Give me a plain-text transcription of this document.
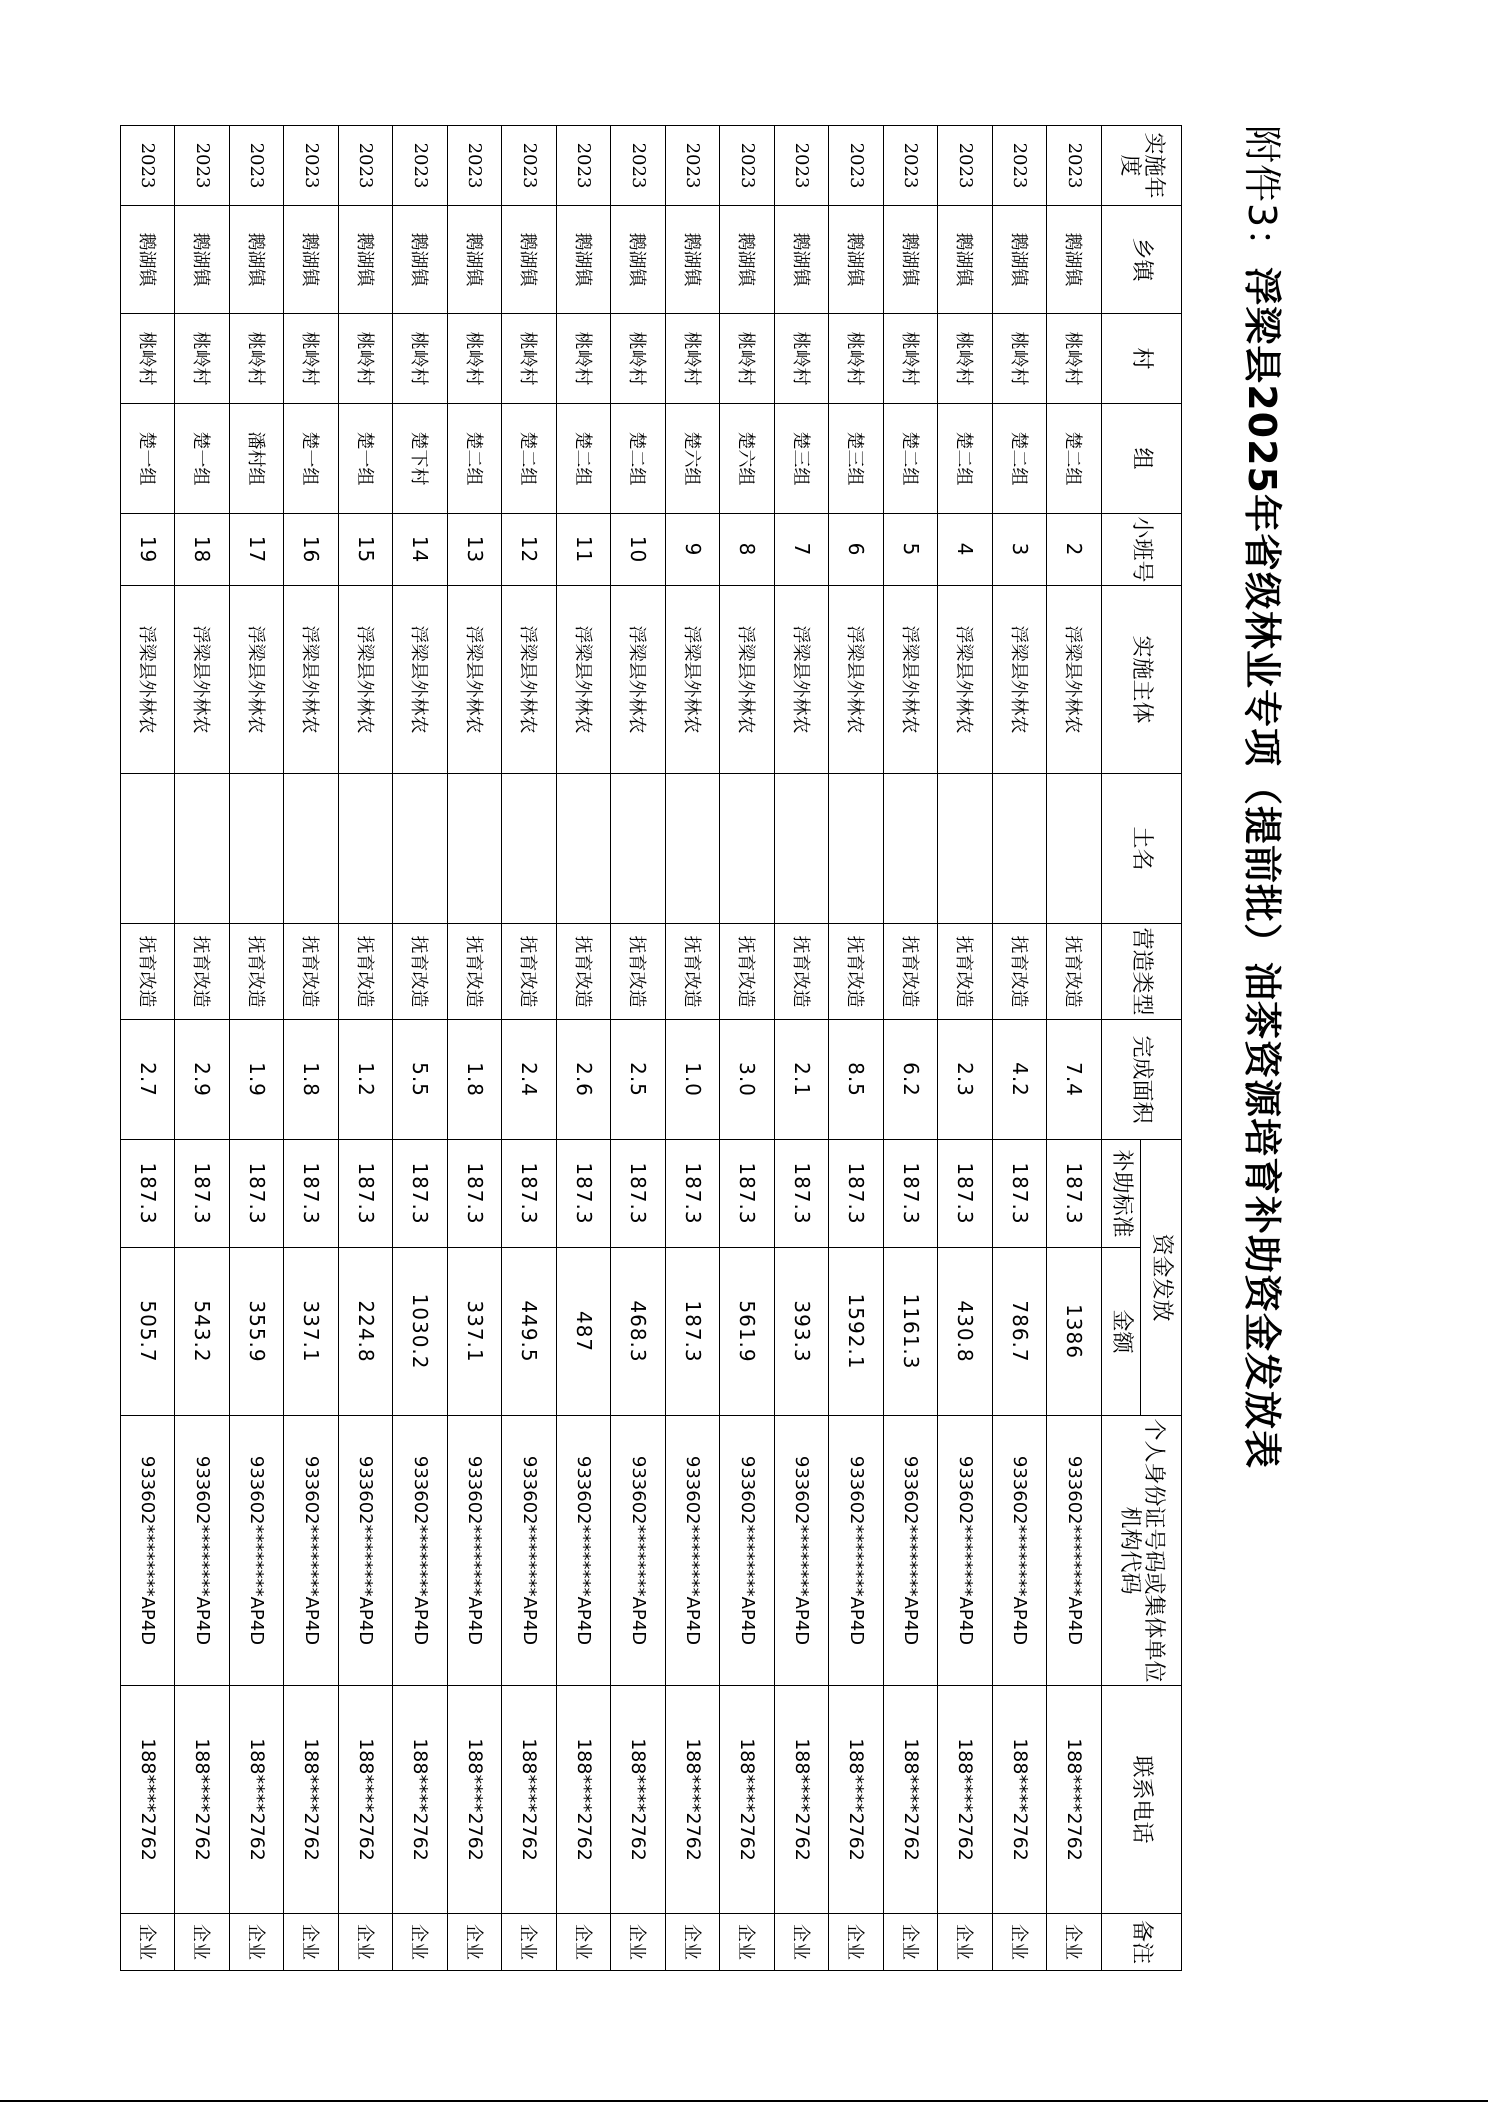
附件3：浮梁县2025年省级林业专项（提前批）油茶资源培育补助资金发放表
实施年度	乡镇	村	组	小班号	实施主体	土名	营造类型	完成面积	资金发放		个人身份证号码或集体单位机构代码	联系电话	备注
									补助标准	金额			
2023	鹅湖镇	桃岭村	楚二组	2	浮梁县外林农		抚育改造	7.4	187.3	1386	933602********AP4D	188****2762	企业
2023	鹅湖镇	桃岭村	楚二组	3	浮梁县外林农		抚育改造	4.2	187.3	786.7	933602********AP4D	188****2762	企业
2023	鹅湖镇	桃岭村	楚二组	4	浮梁县外林农		抚育改造	2.3	187.3	430.8	933602********AP4D	188****2762	企业
2023	鹅湖镇	桃岭村	楚二组	5	浮梁县外林农		抚育改造	6.2	187.3	1161.3	933602********AP4D	188****2762	企业
2023	鹅湖镇	桃岭村	楚三组	6	浮梁县外林农		抚育改造	8.5	187.3	1592.1	933602********AP4D	188****2762	企业
2023	鹅湖镇	桃岭村	楚三组	7	浮梁县外林农		抚育改造	2.1	187.3	393.3	933602********AP4D	188****2762	企业
2023	鹅湖镇	桃岭村	楚六组	8	浮梁县外林农		抚育改造	3.0	187.3	561.9	933602********AP4D	188****2762	企业
2023	鹅湖镇	桃岭村	楚六组	9	浮梁县外林农		抚育改造	1.0	187.3	187.3	933602********AP4D	188****2762	企业
2023	鹅湖镇	桃岭村	楚二组	10	浮梁县外林农		抚育改造	2.5	187.3	468.3	933602********AP4D	188****2762	企业
2023	鹅湖镇	桃岭村	楚二组	11	浮梁县外林农		抚育改造	2.6	187.3	487	933602********AP4D	188****2762	企业
2023	鹅湖镇	桃岭村	楚二组	12	浮梁县外林农		抚育改造	2.4	187.3	449.5	933602********AP4D	188****2762	企业
2023	鹅湖镇	桃岭村	楚二组	13	浮梁县外林农		抚育改造	1.8	187.3	337.1	933602********AP4D	188****2762	企业
2023	鹅湖镇	桃岭村	楚下村	14	浮梁县外林农		抚育改造	5.5	187.3	1030.2	933602********AP4D	188****2762	企业
2023	鹅湖镇	桃岭村	楚一组	15	浮梁县外林农		抚育改造	1.2	187.3	224.8	933602********AP4D	188****2762	企业
2023	鹅湖镇	桃岭村	楚一组	16	浮梁县外林农		抚育改造	1.8	187.3	337.1	933602********AP4D	188****2762	企业
2023	鹅湖镇	桃岭村	潘村组	17	浮梁县外林农		抚育改造	1.9	187.3	355.9	933602********AP4D	188****2762	企业
2023	鹅湖镇	桃岭村	楚一组	18	浮梁县外林农		抚育改造	2.9	187.3	543.2	933602********AP4D	188****2762	企业
2023	鹅湖镇	桃岭村	楚一组	19	浮梁县外林农		抚育改造	2.7	187.3	505.7	933602********AP4D	188****2762	企业
